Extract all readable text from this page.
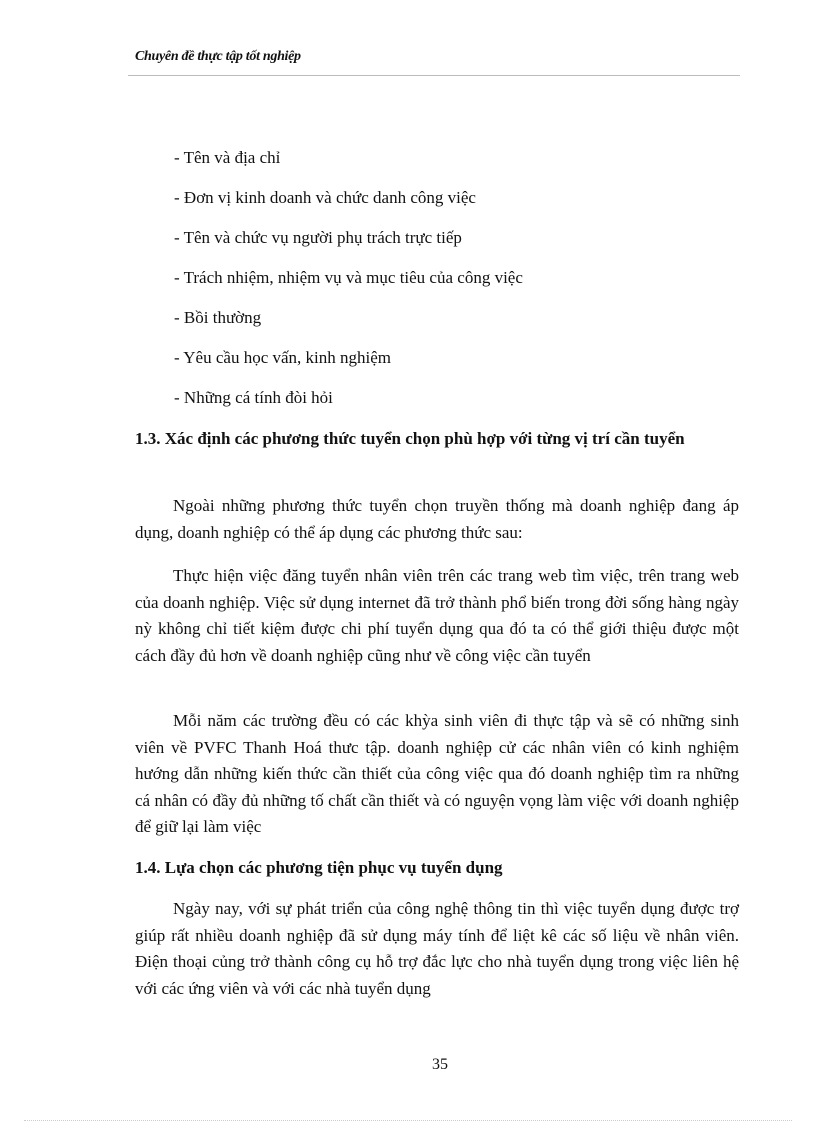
Chuyên đề thực tập tốt nghiệp
- Tên và địa chỉ
- Đơn vị kinh doanh và chức danh công việc
- Tên và chức vụ người phụ trách trực tiếp
- Trách nhiệm, nhiệm vụ và mục tiêu của công việc
- Bồi thường
- Yêu cầu học vấn, kinh nghiệm
- Những cá tính đòi hỏi
1.3. Xác định các phương thức tuyển chọn phù hợp với từng vị trí cần tuyển

Ngoài những phương thức tuyển chọn truyền thống mà doanh nghiệp đang áp dụng, doanh nghiệp có thể áp dụng các phương thức sau:

Thực hiện việc đăng tuyển nhân viên trên các trang web tìm việc, trên trang web của doanh nghiệp. Việc sử dụng internet đã trở thành phổ biến trong đời sống hàng ngày nỳ không chỉ tiết kiệm được chi phí tuyển dụng qua đó ta có thể giới thiệu được một cách đầy đủ hơn về doanh nghiệp cũng như về công việc cần tuyển

Mỗi năm các trường đều có các khỳa sinh viên đi thực tập và sẽ có những sinh viên về PVFC Thanh Hoá thưc tập. doanh nghiệp cử các nhân viên có kinh nghiệm hướng dẫn những kiến thức cần thiết của công việc qua đó doanh nghiệp tìm ra những cá nhân có đầy đủ những tố chất cần thiết và có nguyện vọng làm việc với doanh nghiệp để giữ lại làm việc

1.4. Lựa chọn các phương tiện phục vụ tuyển dụng

Ngày nay, với sự phát triển của công nghệ thông tin thì việc tuyển dụng được trợ giúp rất nhiều doanh nghiệp đã sử dụng máy tính để liệt kê các số liệu về nhân viên. Điện thoại củng trở thành công cụ hỗ trợ đắc lực cho nhà tuyển dụng trong việc liên hệ với các ứng viên và với các nhà tuyển dụng

35
